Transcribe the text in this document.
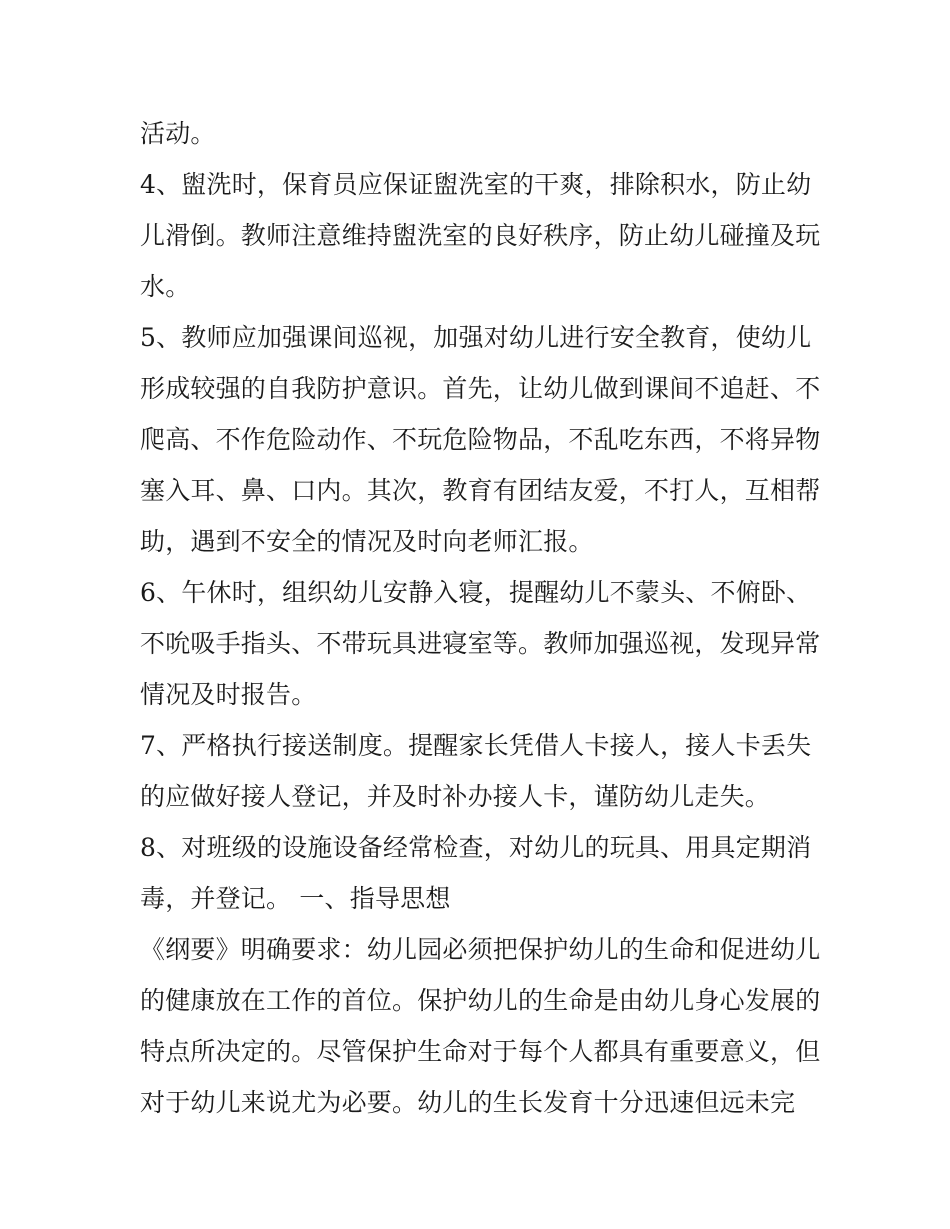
活动。
4、盥洗时，保育员应保证盥洗室的干爽，排除积水，防止幼
儿滑倒。教师注意维持盥洗室的良好秩序，防止幼儿碰撞及玩
水。
5、教师应加强课间巡视，加强对幼儿进行安全教育，使幼儿
形成较强的自我防护意识。首先，让幼儿做到课间不追赶、不
爬高、不作危险动作、不玩危险物品，不乱吃东西，不将异物
塞入耳、鼻、口内。其次，教育有团结友爱，不打人，互相帮
助，遇到不安全的情况及时向老师汇报。
6、午休时，组织幼儿安静入寝，提醒幼儿不蒙头、不俯卧、
不吮吸手指头、不带玩具进寝室等。教师加强巡视，发现异常
情况及时报告。
7、严格执行接送制度。提醒家长凭借人卡接人，接人卡丢失
的应做好接人登记，并及时补办接人卡，谨防幼儿走失。
8、对班级的设施设备经常检查，对幼儿的玩具、用具定期消
毒，并登记。 一、指导思想
《纲要》明确要求：幼儿园必须把保护幼儿的生命和促进幼儿
的健康放在工作的首位。保护幼儿的生命是由幼儿身心发展的
特点所决定的。尽管保护生命对于每个人都具有重要意义，但
对于幼儿来说尤为必要。幼儿的生长发育十分迅速但远未完
